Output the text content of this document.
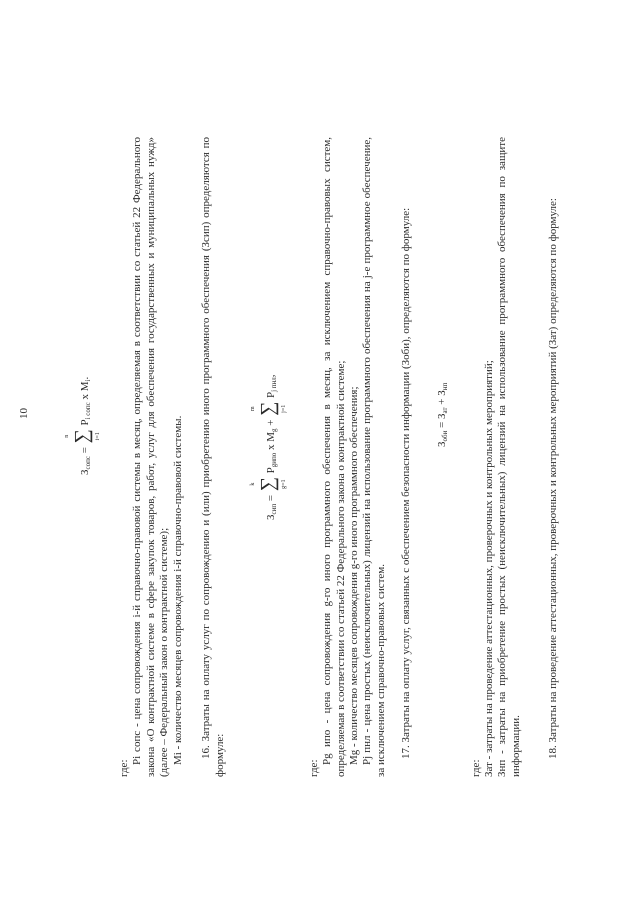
10
$З_{сопс}$ =
n ∑ i=1
$P_{i сопс}$ x $M_i$.
где:
Pi сопс - цена сопровождения i-й справочно-правовой системы в месяц, определяемая в соответствии со статьей 22 Федерального закона «О контрактной системе в сфере закупок товаров, работ, услуг для обеспечения государственных и муниципальных нужд» (далее – Федеральный закон о контрактной системе); Mi - количество месяцев сопровождения i-й справочно-правовой системы. 16. Затраты на оплату услуг по сопровождению и (или) приобретению иного программного обеспечения (Зсип) определяются по формуле:
$З_{сип}$ =
k ∑ g=1
$P_{gипо}$ x $M_g$ +
m ∑ j=1
$P_{j пнл}$,
где:
Pg ипо - цена сопровождения g-го иного программного обеспечения в месяц, за исключением справочно-правовых систем, определяемая в соответствии со статьей 22 Федерального закона о контрактной системе; Mg - количество месяцев сопровождения g-го иного программного обеспечения; Pj пнл - цена простых (неисключительных) лицензий на использование программного обеспечения на j-е программное обеспечение, за исключением справочно-правовых систем. 17. Затраты на оплату услуг, связанных с обеспечением безопасности информации (Зоби), определяются по формуле: $З_{оби} = З_{ат} + З_{нп}$
где: Зат - затраты на проведение аттестационных, проверочных и контрольных мероприятий; Знп - затраты на приобретение простых (неисключительных) лицензий на использование программного обеспечения по защите информации. 18. Затраты на проведение аттестационных, проверочных и контрольных мероприятий (Зат) определяются по формуле:
